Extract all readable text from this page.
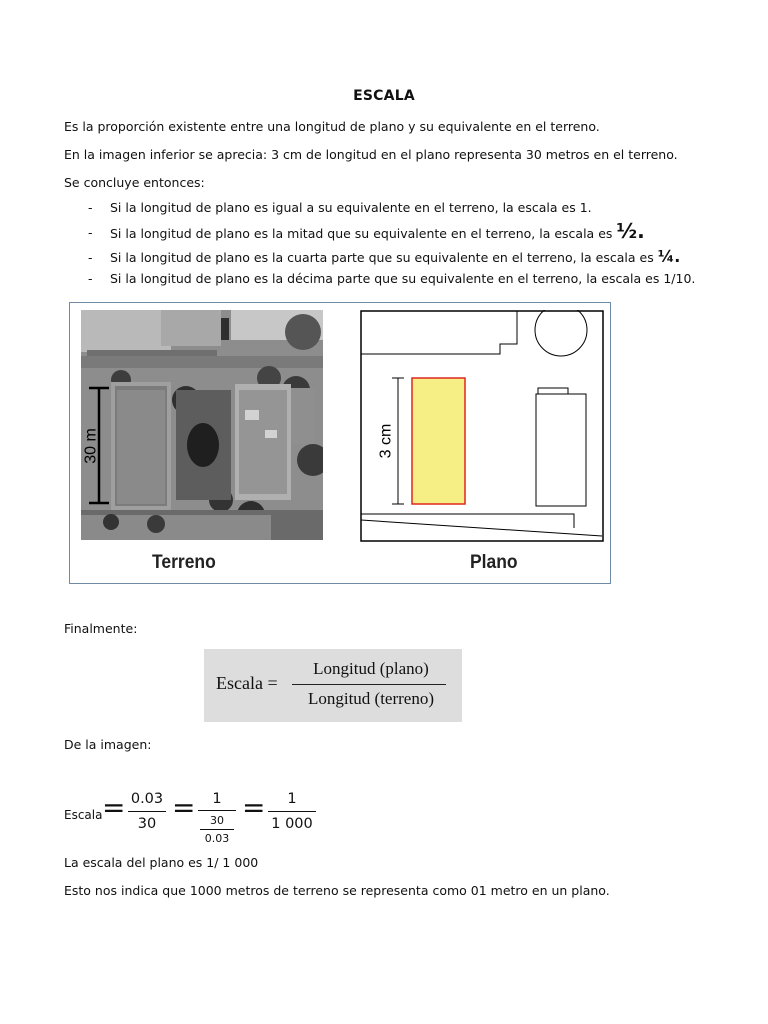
ESCALA
Es la proporción existente entre una longitud de plano y su equivalente en el terreno.
En la imagen inferior se aprecia: 3 cm de longitud en el plano representa 30 metros en el terreno.
Se concluye entonces:
- Si la longitud de plano es igual a su equivalente en el terreno, la escala es 1.
- Si la longitud de plano es la mitad que su equivalente en el terreno, la escala es ½.
- Si la longitud de plano es la cuarta parte que su equivalente en el terreno, la escala es ¼.
- Si la longitud de plano es la décima parte que su equivalente en el terreno, la escala es 1/10.
30 m	3 cm
Terreno	Plano
Finalmente:
Escala =
Longitud (plano)
Longitud (terreno)
De la imagen:
Escala = 0.03
30 =	1
30
0.03
=	1
1 000
La escala del plano es 1/ 1 000
Esto nos indica que 1000 metros de terreno se representa como 01 metro en un plano.
